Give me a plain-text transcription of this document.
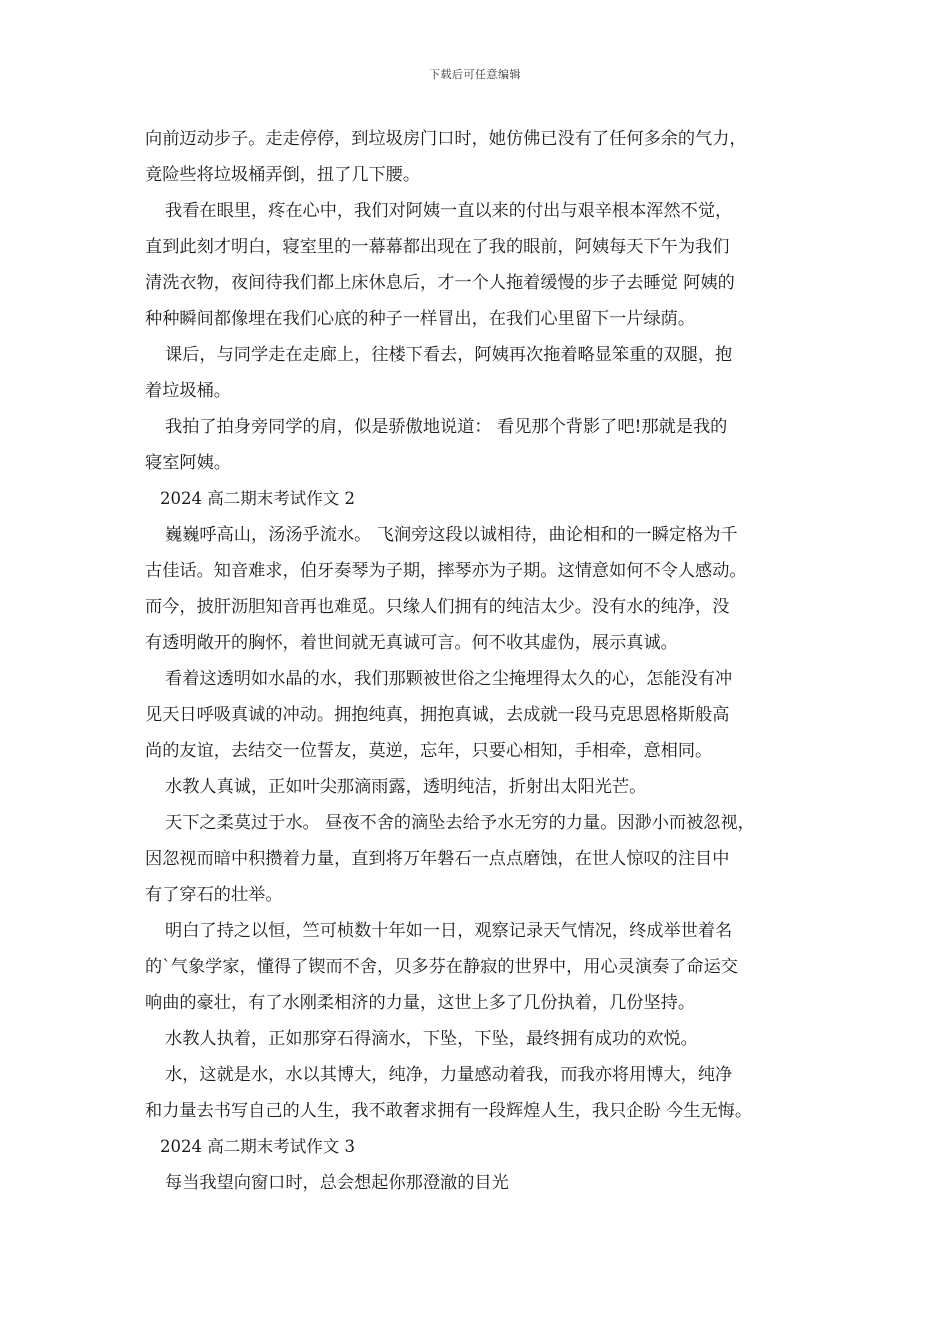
下载后可任意编辑
向前迈动步子。走走停停，到垃圾房门口时，她仿佛已没有了任何多余的气力，
竟险些将垃圾桶弄倒，扭了几下腰。
我看在眼里，疼在心中，我们对阿姨一直以来的付出与艰辛根本浑然不觉，
直到此刻才明白，寝室里的一幕幕都出现在了我的眼前，阿姨每天下午为我们
清洗衣物，夜间待我们都上床休息后，才一个人拖着缓慢的步子去睡觉 阿姨的
种种瞬间都像埋在我们心底的种子一样冒出，在我们心里留下一片绿荫。
课后，与同学走在走廊上，往楼下看去，阿姨再次拖着略显笨重的双腿，抱
着垃圾桶。
我拍了拍身旁同学的肩，似是骄傲地说道： 看见那个背影了吧!那就是我的
寝室阿姨。
2024 高二期末考试作文 2
巍巍呼高山，汤汤乎流水。 飞涧旁这段以诚相待，曲论相和的一瞬定格为千
古佳话。知音难求，伯牙奏琴为子期，摔琴亦为子期。这情意如何不令人感动。
而今，披肝沥胆知音再也难觅。只缘人们拥有的纯洁太少。没有水的纯净，没
有透明敞开的胸怀，着世间就无真诚可言。何不收其虚伪，展示真诚。
看着这透明如水晶的水，我们那颗被世俗之尘掩埋得太久的心，怎能没有冲
见天日呼吸真诚的冲动。拥抱纯真，拥抱真诚，去成就一段马克思恩格斯般高
尚的友谊，去结交一位誓友，莫逆，忘年，只要心相知，手相牵，意相同。
水教人真诚，正如叶尖那滴雨露，透明纯洁，折射出太阳光芒。
天下之柔莫过于水。 昼夜不舍的滴坠去给予水无穷的力量。因渺小而被忽视，
因忽视而暗中积攒着力量，直到将万年磐石一点点磨蚀，在世人惊叹的注目中
有了穿石的壮举。
明白了持之以恒，竺可桢数十年如一日，观察记录天气情况，终成举世着名
的`气象学家，懂得了锲而不舍，贝多芬在静寂的世界中，用心灵演奏了命运交
响曲的豪壮，有了水刚柔相济的力量，这世上多了几份执着，几份坚持。
水教人执着，正如那穿石得滴水，下坠，下坠，最终拥有成功的欢悦。
水，这就是水，水以其博大，纯净，力量感动着我，而我亦将用博大，纯净
和力量去书写自己的人生，我不敢奢求拥有一段辉煌人生，我只企盼 今生无悔。
2024 高二期末考试作文 3
每当我望向窗口时，总会想起你那澄澈的目光
